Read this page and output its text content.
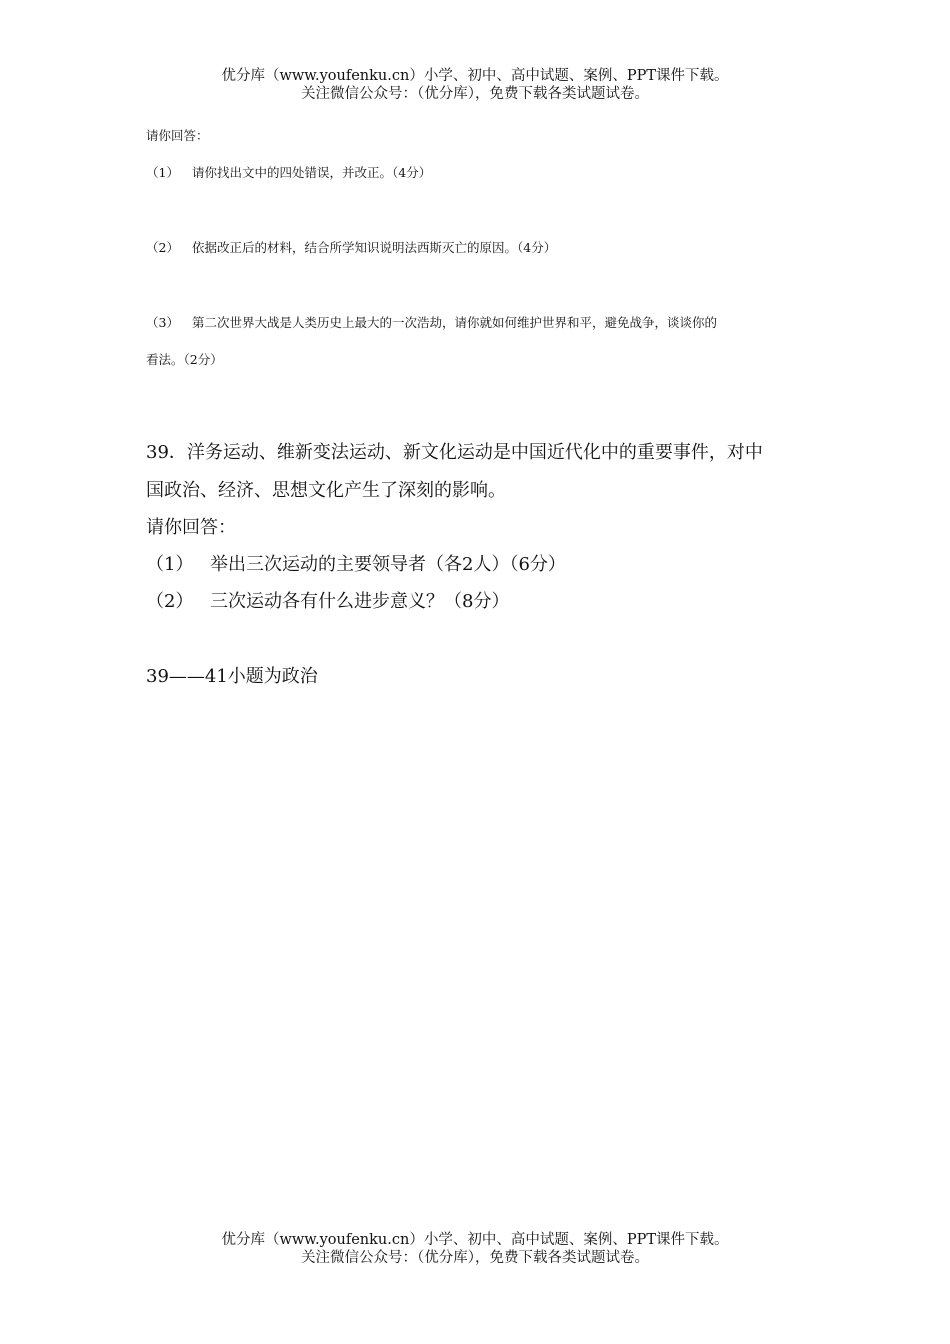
优分库（www.youfenku.cn）小学、初中、高中试题、案例、PPT课件下载。
关注微信公众号：（优分库），免费下载各类试题试卷。
请你回答：
（1） 请你找出文中的四处错误，并改正。（4分）
（2） 依据改正后的材料，结合所学知识说明法西斯灭亡的原因。（4分）
（3） 第二次世界大战是人类历史上最大的一次浩劫，请你就如何维护世界和平，避免战争，谈谈你的
看法。（2分）
39．洋务运动、维新变法运动、新文化运动是中国近代化中的重要事件，对中
国政治、经济、思想文化产生了深刻的影响。
请你回答：
（1） 举出三次运动的主要领导者（各2人）（6分）
（2） 三次运动各有什么进步意义？（8分）
39——41小题为政治
优分库（www.youfenku.cn）小学、初中、高中试题、案例、PPT课件下载。
关注微信公众号：（优分库），免费下载各类试题试卷。
